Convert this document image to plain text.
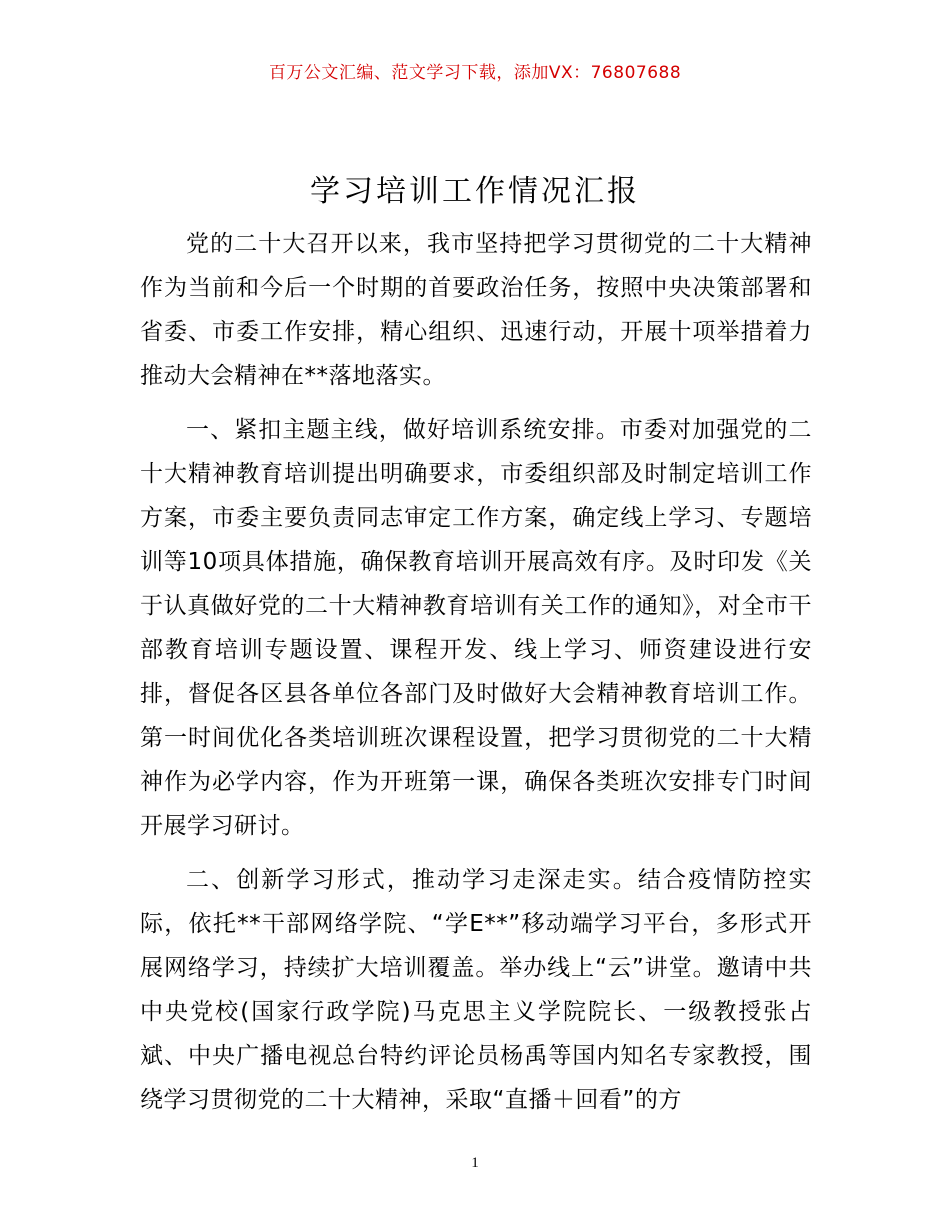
百万公文汇编、范文学习下载，添加VX：76807688
学习培训工作情况汇报

党的二十大召开以来，我市坚持把学习贯彻党的二十大精神作为当前和今后一个时期的首要政治任务，按照中央决策部署和省委、市委工作安排，精心组织、迅速行动，开展十项举措着力推动大会精神在**落地落实。

一、紧扣主题主线，做好培训系统安排。市委对加强党的二十大精神教育培训提出明确要求，市委组织部及时制定培训工作方案，市委主要负责同志审定工作方案，确定线上学习、专题培训等10项具体措施，确保教育培训开展高效有序。及时印发《关于认真做好党的二十大精神教育培训有关工作的通知》，对全市干部教育培训专题设置、课程开发、线上学习、师资建设进行安排，督促各区县各单位各部门及时做好大会精神教育培训工作。第一时间优化各类培训班次课程设置，把学习贯彻党的二十大精神作为必学内容，作为开班第一课，确保各类班次安排专门时间开展学习研讨。

二、创新学习形式，推动学习走深走实。结合疫情防控实际，依托**干部网络学院、“学E**”移动端学习平台，多形式开展网络学习，持续扩大培训覆盖。举办线上“云”讲堂。邀请中共中央党校(国家行政学院)马克思主义学院院长、一级教授张占斌、中央广播电视总台特约评论员杨禹等国内知名专家教授，围绕学习贯彻党的二十大精神，采取“直播＋回看”的方

1
